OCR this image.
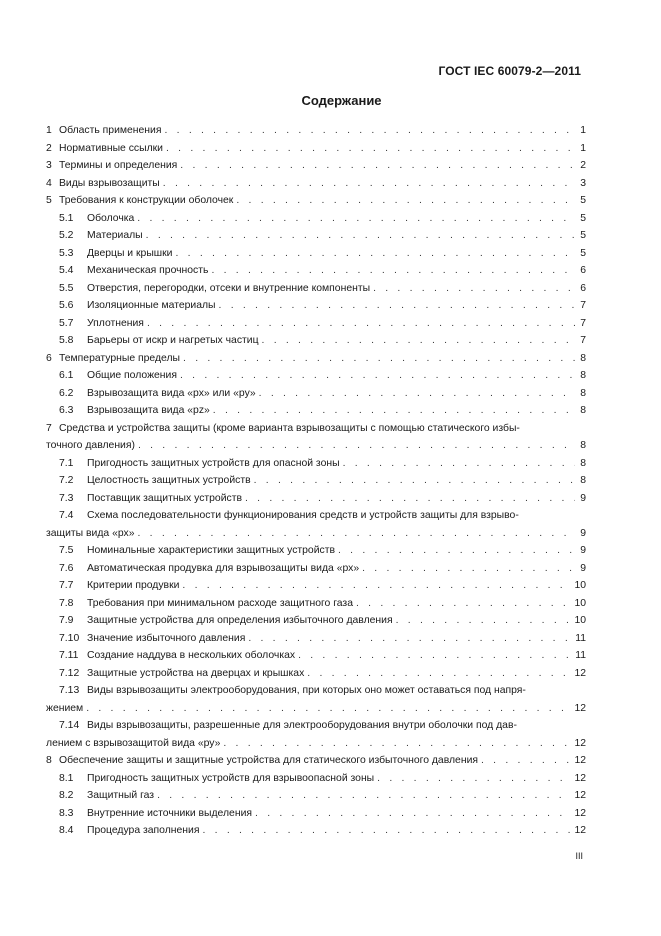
ГОСТ IEC 60079-2—2011
Содержание
1 Область применения . . .	1
2 Нормативные ссылки . . .	1
3 Термины и определения . . .	2
4 Виды взрывозащиты . . .	3
5 Требования к конструкции оболочек . . .	5
5.1	Оболочка . . .	5
5.2	Материалы . . .	5
5.3	Дверцы и крышки . . .	5
5.4	Механическая прочность . . .	6
5.5	Отверстия, перегородки, отсеки и внутренние компоненты . . .	6
5.6	Изоляционные материалы . . .	7
5.7	Уплотнения . . .	7
5.8	Барьеры от искр и нагретых частиц . . .	7
6 Температурные пределы . . .	8
6.1	Общие положения . . .	8
6.2	Взрывозащита вида «рх» или «ру» . . .	8
6.3	Взрывозащита вида «pz» . . .	8
7 Средства и устройства защиты (кроме варианта взрывозащиты с помощью статического избы-
точного давления) . . .	8
7.1	Пригодность защитных устройств для опасной зоны . . .	8
7.2	Целостность защитных устройств . . .	8
7.3	Поставщик защитных устройств . . .	9
7.4	Схема последовательности функционирования средств и устройств защиты для взрыво-
защиты вида «рх» . . .	9
7.5	Номинальные характеристики защитных устройств . . .	9
7.6	Автоматическая продувка для взрывозащиты вида «рх» . . .	9
7.7	Критерии продувки . . .	10
7.8	Требования при минимальном расходе защитного газа . . .	10
7.9	Защитные устройства для определения избыточного давления . . .	10
7.10 Значение избыточного давления . . .	11
7.11 Создание наддува в нескольких оболочках . . .	11
7.12 Защитные устройства на дверцах и крышках . . .	12
7.13 Виды взрывозащиты электрооборудования, при которых оно может оставаться под напря-
жением . . .	12
7.14 Виды взрывозащиты, разрешенные для электрооборудования внутри оболочки под дав-
лением с взрывозащитой вида «ру» . . .	12
8 Обеспечение защиты и защитные устройства для статического избыточного давления . . .	12
8.1	Пригодность защитных устройств для взрывоопасной зоны . . .	12
8.2	Защитный газ . . .	12
8.3	Внутренние источники выделения . . .	12
8.4	Процедура заполнения . . .	12
III
